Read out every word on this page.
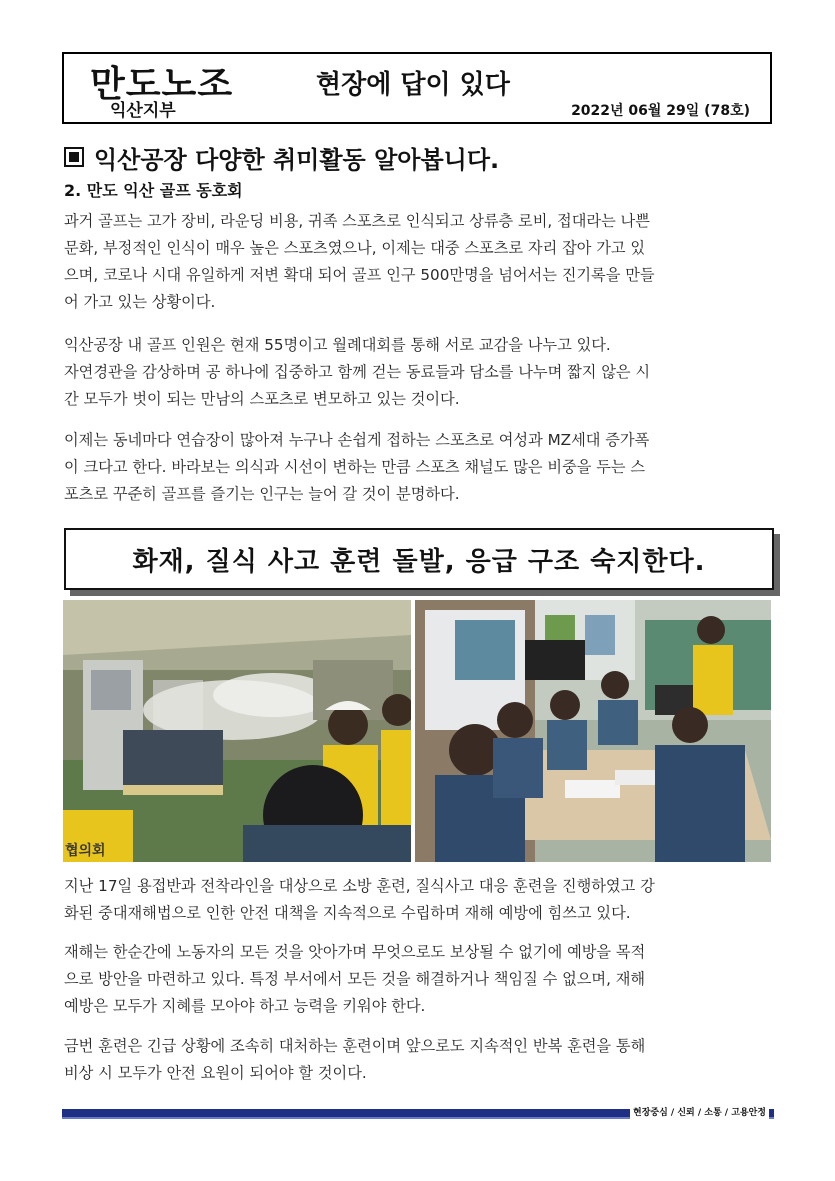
만도노조
익산지부
현장에 답이 있다
2022년 06월 29일 (78호)
익산공장 다양한 취미활동 알아봅니다.
2. 만도 익산 골프 동호회
과거 골프는 고가 장비, 라운딩 비용, 귀족 스포츠로 인식되고 상류층 로비, 접대라는 나쁜
문화, 부정적인 인식이 매우 높은 스포츠였으나, 이제는 대중 스포츠로 자리 잡아 가고 있
으며, 코로나 시대 유일하게 저변 확대 되어 골프 인구 500만명을 넘어서는 진기록을 만들
어 가고 있는 상황이다.
익산공장 내 골프 인원은 현재 55명이고 월례대회를 통해 서로 교감을 나누고 있다.
자연경관을 감상하며 공 하나에 집중하고 함께 걷는 동료들과 담소를 나누며 짧지 않은 시
간 모두가 벗이 되는 만남의 스포츠로 변모하고 있는 것이다.
이제는 동네마다 연습장이 많아져 누구나 손쉽게 접하는 스포츠로 여성과 MZ세대 증가폭
이 크다고 한다. 바라보는 의식과 시선이 변하는 만큼 스포츠 채널도 많은 비중을 두는 스
포츠로 꾸준히 골프를 즐기는 인구는 늘어 갈 것이 분명하다.
화재, 질식 사고 훈련 돌발, 응급 구조 숙지한다.
협의회
지난 17일 용접반과 전착라인을 대상으로 소방 훈련, 질식사고 대응 훈련을 진행하였고 강
화된 중대재해법으로 인한 안전 대책을 지속적으로 수립하며 재해 예방에 힘쓰고 있다.
재해는 한순간에 노동자의 모든 것을 앗아가며 무엇으로도 보상될 수 없기에 예방을 목적
으로 방안을 마련하고 있다. 특정 부서에서 모든 것을 해결하거나 책임질 수 없으며, 재해
예방은 모두가 지혜를 모아야 하고 능력을 키워야 한다.
금번 훈련은 긴급 상황에 조속히 대처하는 훈련이며 앞으로도 지속적인 반복 훈련을 통해
비상 시 모두가 안전 요원이 되어야 할 것이다.
현장중심 / 신뢰 / 소통 / 고용안정
